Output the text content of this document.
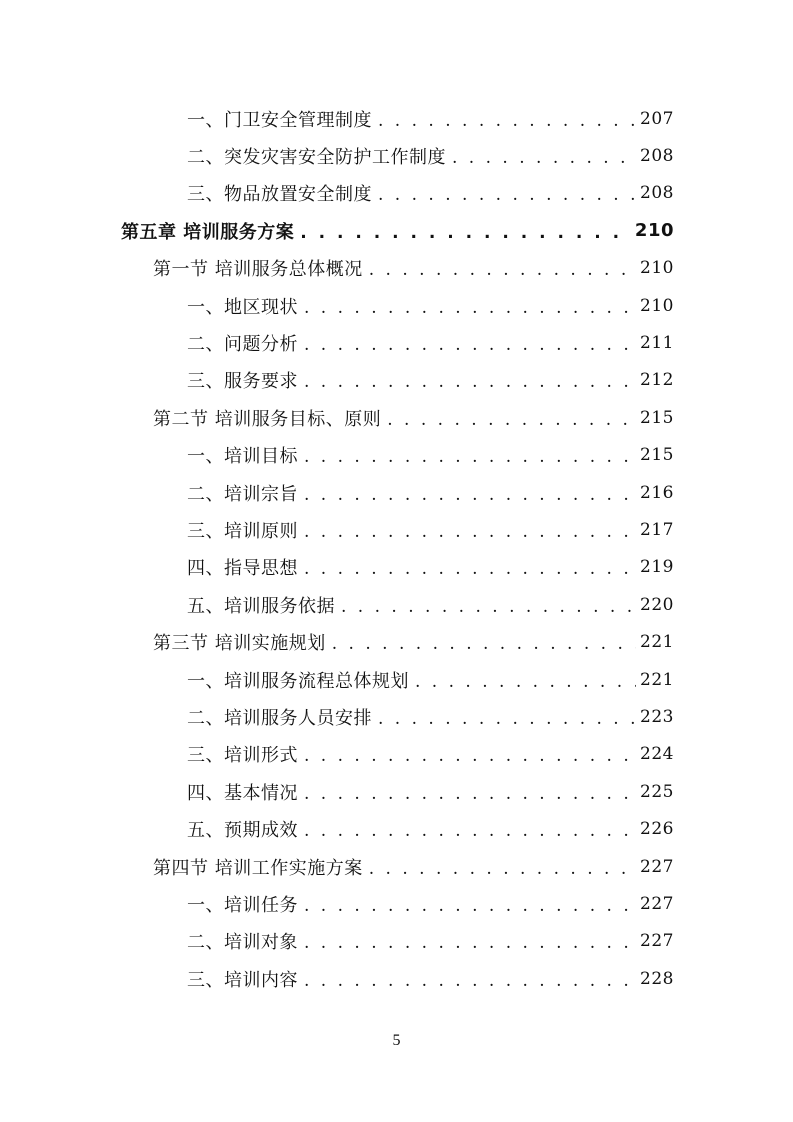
一、门卫安全管理制度 . . .	207
二、突发灾害安全防护工作制度 . . .	208
三、物品放置安全制度 . . .	208
第五章 培训服务方案 . . .	210
第一节 培训服务总体概况 . . .	210
一、地区现状 . . .	210
二、问题分析 . . .	211
三、服务要求 . . .	212
第二节 培训服务目标、原则 . . .	215
一、培训目标 . . .	215
二、培训宗旨 . . .	216
三、培训原则 . . .	217
四、指导思想 . . .	219
五、培训服务依据 . . .	220
第三节 培训实施规划 . . .	221
一、培训服务流程总体规划 . . .	221
二、培训服务人员安排 . . .	223
三、培训形式 . . .	224
四、基本情况 . . .	225
五、预期成效 . . .	226
第四节 培训工作实施方案 . . .	227
一、培训任务 . . .	227
二、培训对象 . . .	227
三、培训内容 . . .	228
5
